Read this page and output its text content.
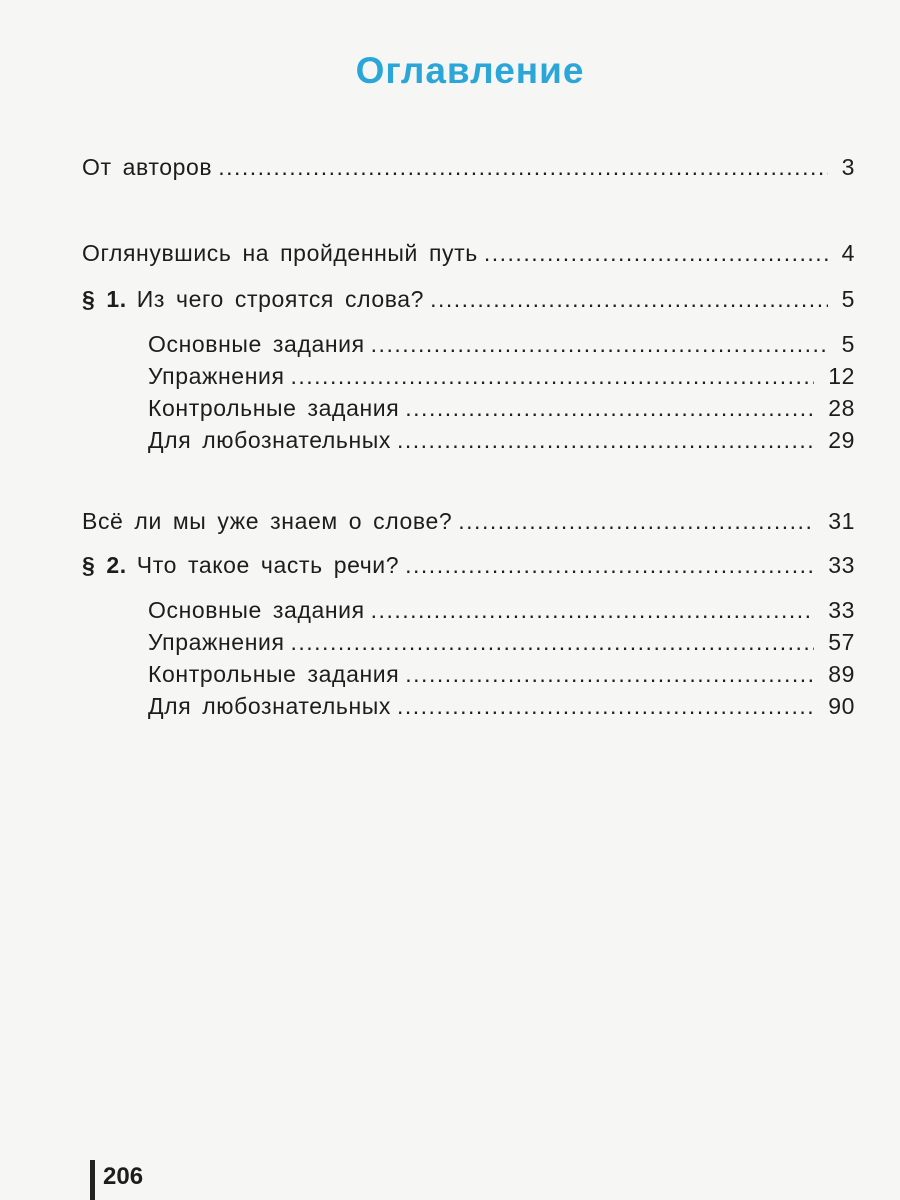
Оглавление
От авторов .....	3
Оглянувшись на пройденный путь .....	4
§ 1. Из чего строятся слова? .....	5
Основные задания .....	5
Упражнения .....	12
Контрольные задания .....	28
Для любознательных .....	29
Всё ли мы уже знаем о слове? .....	31
§ 2. Что такое часть речи? .....	33
Основные задания .....	33
Упражнения .....	57
Контрольные задания .....	89
Для любознательных .....	90
206
